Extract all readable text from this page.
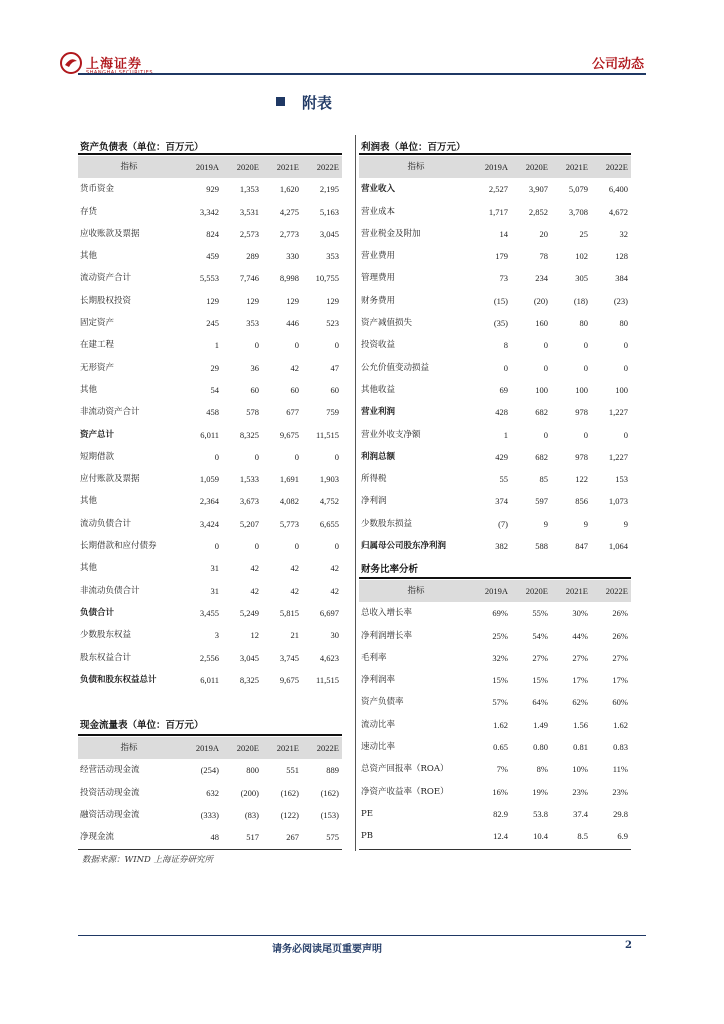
上海证券	公司动态
附表
资产负债表（单位：百万元）
指标	2019A	2020E	2021E	2022E
货币资金	929	1,353	1,620	2,195
存货	3,342	3,531	4,275	5,163
应收账款及票据	824	2,573	2,773	3,045
其他	459	289	330	353
流动资产合计	5,553	7,746	8,998	10,755
长期股权投资	129	129	129	129
固定资产	245	353	446	523
在建工程	1	0	0	0
无形资产	29	36	42	47
其他	54	60	60	60
非流动资产合计	458	578	677	759
资产总计	6,011	8,325	9,675	11,515
短期借款	0	0	0	0
应付账款及票据	1,059	1,533	1,691	1,903
其他	2,364	3,673	4,082	4,752
流动负债合计	3,424	5,207	5,773	6,655
长期借款和应付债券	0	0	0	0
其他	31	42	42	42
非流动负债合计	31	42	42	42
负债合计	3,455	5,249	5,815	6,697
少数股东权益	3	12	21	30
股东权益合计	2,556	3,045	3,745	4,623
负债和股东权益总计	6,011	8,325	9,675	11,515
现金流量表（单位：百万元）
指标	2019A	2020E	2021E	2022E
经营活动现金流	(254)	800	551	889
投资活动现金流	632	(200)	(162)	(162)
融资活动现金流	(333)	(83)	(122)	(153)
净现金流	48	517	267	575
利润表（单位：百万元）
指标	2019A	2020E	2021E	2022E
营业收入	2,527	3,907	5,079	6,400
营业成本	1,717	2,852	3,708	4,672
营业税金及附加	14	20	25	32
营业费用	179	78	102	128
管理费用	73	234	305	384
财务费用	(15)	(20)	(18)	(23)
资产减值损失	(35)	160	80	80
投资收益	8	0	0	0
公允价值变动损益	0	0	0	0
其他收益	69	100	100	100
营业利润	428	682	978	1,227
营业外收支净额	1	0	0	0
利润总额	429	682	978	1,227
所得税	55	85	122	153
净利润	374	597	856	1,073
少数股东损益	(7)	9	9	9
归属母公司股东净利润	382	588	847	1,064
财务比率分析
指标	2019A	2020E	2021E	2022E
总收入增长率	69%	55%	30%	26%
净利润增长率	25%	54%	44%	26%
毛利率	32%	27%	27%	27%
净利润率	15%	15%	17%	17%
资产负债率	57%	64%	62%	60%
流动比率	1.62	1.49	1.56	1.62
速动比率	0.65	0.80	0.81	0.83
总资产回报率（ROA）	7%	8%	10%	11%
净资产收益率（ROE）	16%	19%	23%	23%
PE	82.9	53.8	37.4	29.8
PB	12.4	10.4	8.5	6.9
数据来源：WIND 上海证券研究所
请务必阅读尾页重要声明	2
